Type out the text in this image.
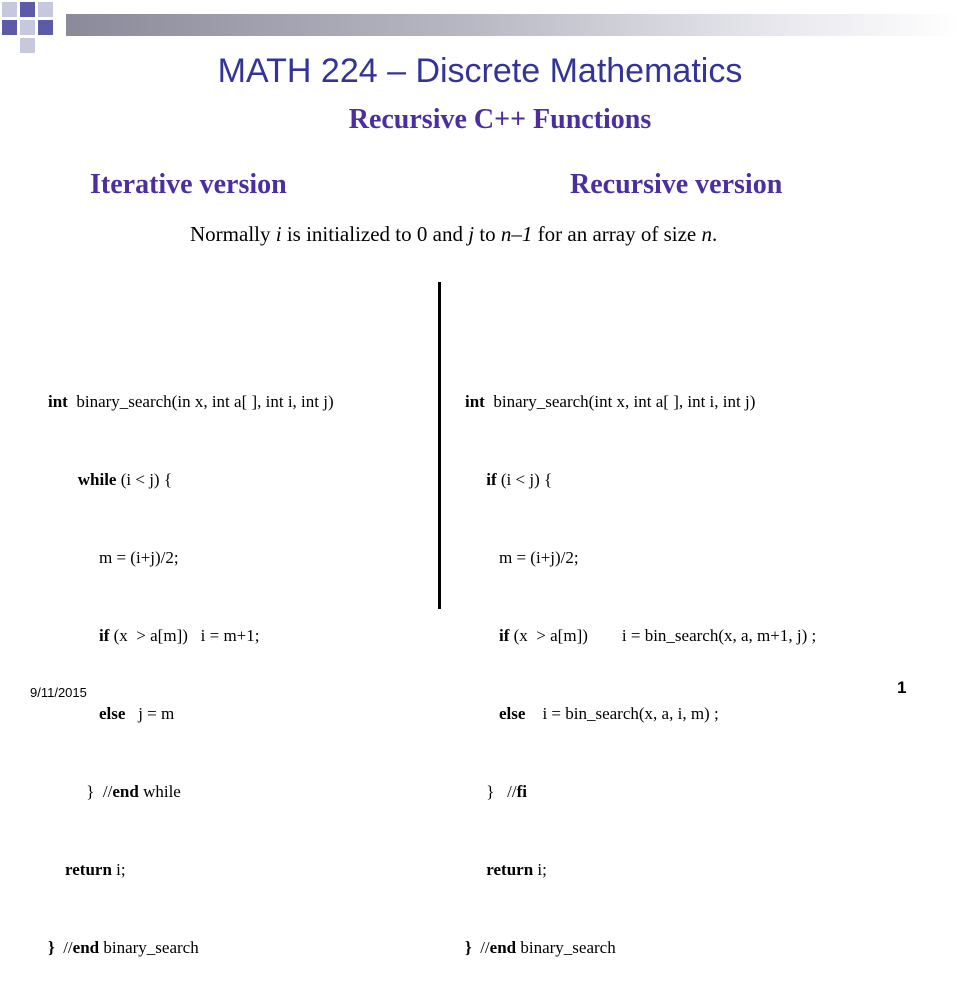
MATH 224 – Discrete Mathematics
Recursive C++ Functions
Iterative version	Recursive version
Normally i is initialized to 0 and j to n–1 for an array of size n.

int  binary_search(in x, int a[ ], int i, int j)

while (i < j) {

m = (i+j)/2;

if (x  > a[m])   i = m+1;

else   j = m

}  //end while

return i;

}  //end binary_search

int  binary_search(int x, int a[ ], int i, int j)

if (i < j) {

m = (i+j)/2;

if (x  > a[m])        i = bin_search(x, a, m+1, j) ;

else    i = bin_search(x, a, i, m) ;

}   //fi

return i;

}  //end binary_search

9/11/2015	1
